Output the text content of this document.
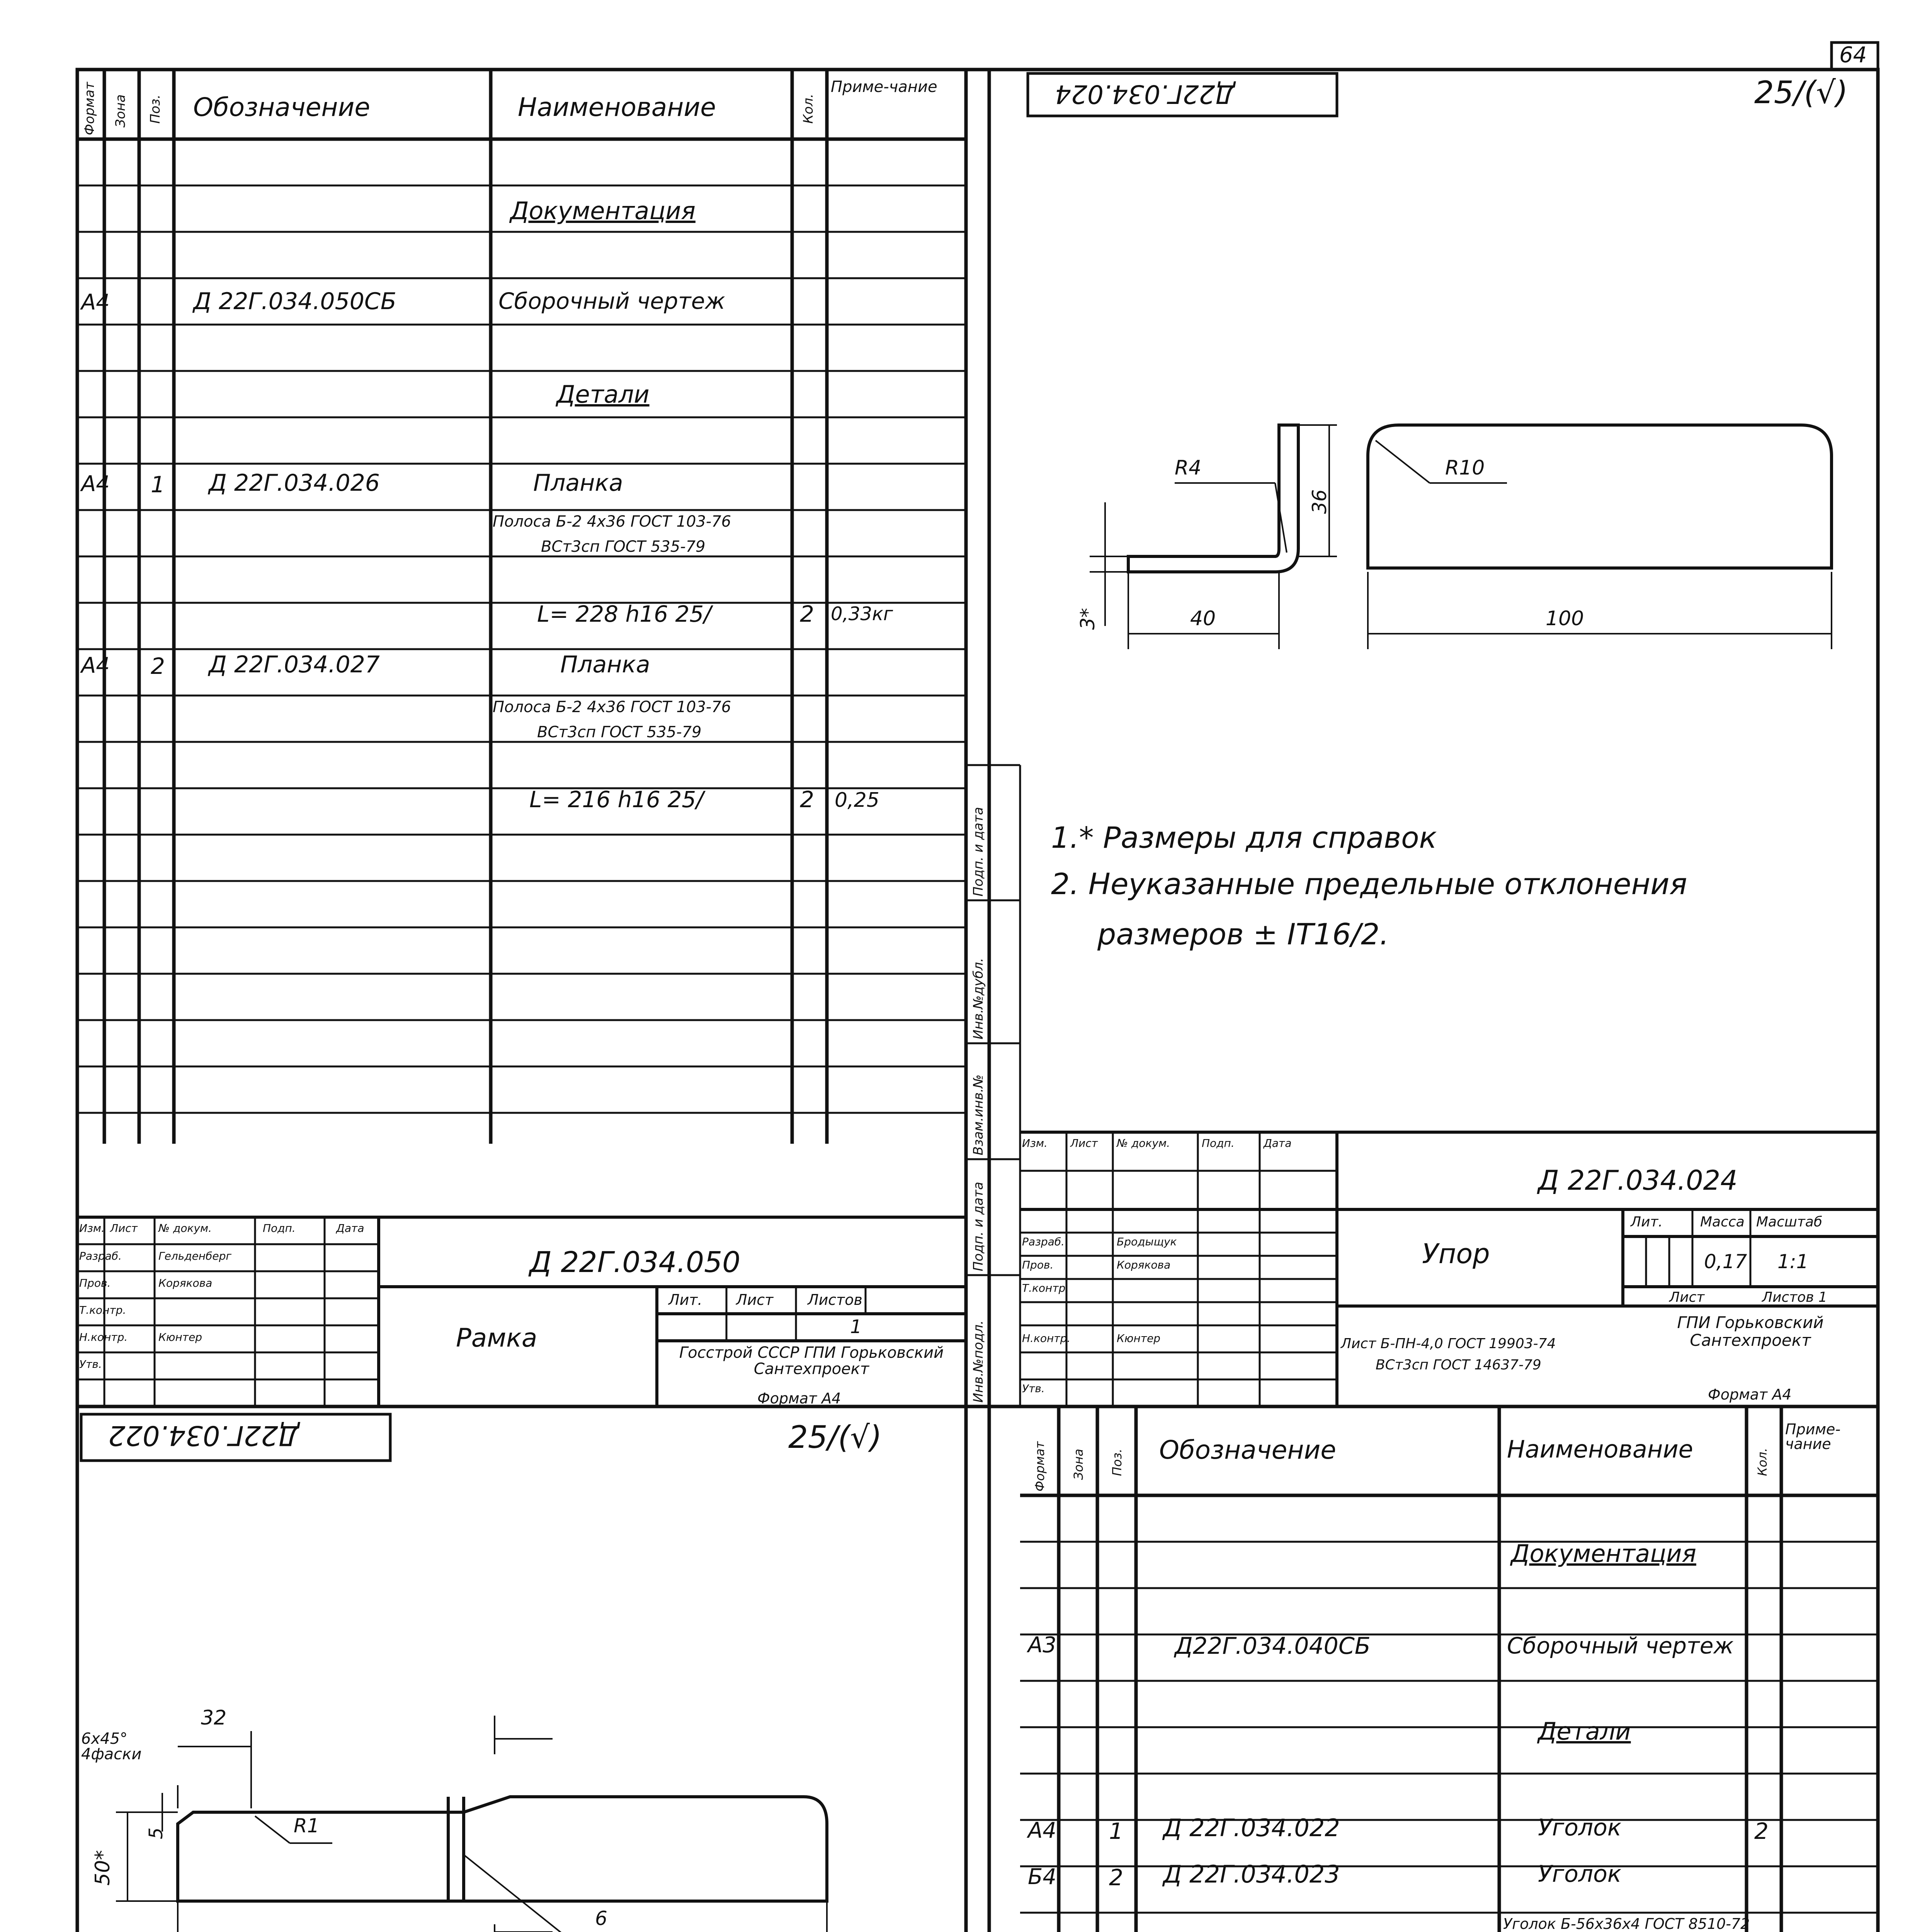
64
Формат Зона Поз. Обозначение	Наименование	Кол.
Приме-чание
Документация
А4	Д 22Г.034.050СБ	Сборочный чертеж
Детали
А4 1 Д 22Г.034.026	Планка
Полоса Б-2 4х36 ГОСТ 103-76
ВСт3сп ГОСТ 535-79
L= 228 h16 25/	2 0,33кг
А4 2 Д 22Г.034.027	Планка
Полоса Б-2 4х36 ГОСТ 103-76
ВСт3сп ГОСТ 535-79
L= 216 h16 25/	2 0,25
Д 22Г.034.050
Рамка
Лит. Лист Листов
1
Госстрой СССР ГПИ Горьковский Сантехпроект
Изм. Лист № докум.	Подп.	Дата
Разраб.	Гельденберг
Пров.	Корякова
Т.контр.
Н.контр.	Кюнтер
Утв.
Формат А4	Инв.№подл.
Подп. и дата
Взам.инв.№
Инв.№дубл.
Подп. и дата
Д22Г.034.024	25/(√)
R4	R10
36
40	100
3*
1.* Размеры для справок
2. Неуказанные предельные отклонения
размеров ± IT16/2.
Д 22Г.034.024
Упор
Лит.	Масса Масштаб
0,17 1:1
Лист	Листов 1
Лист Б-ПН-4,0 ГОСТ 19903-74
ВСт3сп ГОСТ 14637-79
ГПИ Горьковский Сантехпроект
Изм. Лист № докум.	Подп.	Дата
Разраб.	Бродыщук
Пров.	Корякова
Т.контр.
Н.контр.	Кюнтер
Утв.	Формат А4
Д22Г.034.022	25/(√)
6х45° 4фаски
32
50*
5	R1
6
Формат Зона Поз. Обозначение	Наименование	Кол.
Приме-чание
Документация
А3	Д22Г.034.040СБ	Сборочный чертеж
Детали
А4 1 Д 22Г.034.022	Уголок	2
Б4 2 Д 22Г.034.023	Уголок
Уголок Б-56х36х4 ГОСТ 8510-72
